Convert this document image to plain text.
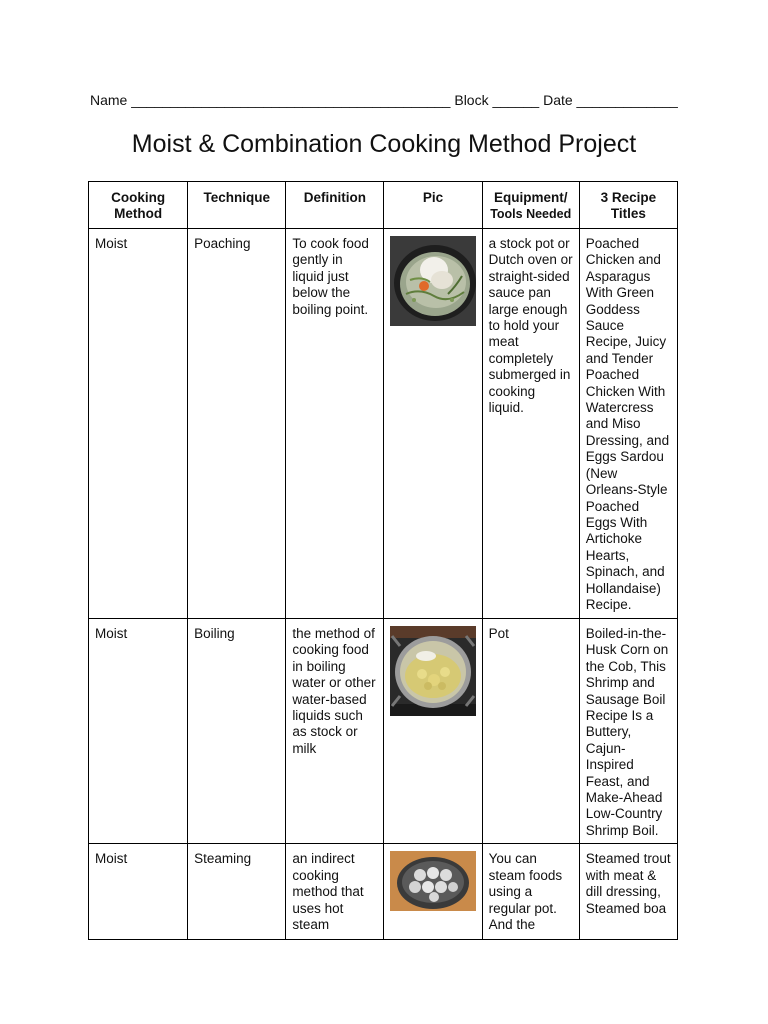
Name _________________________________________ Block ______ Date _____________
Moist & Combination Cooking Method Project
Cooking Method	Technique	Definition	Pic	Equipment/
Tools Needed	3 Recipe Titles
Moist	Poaching	To cook food gently in liquid just below the boiling point.		a stock pot or Dutch oven or straight-sided sauce pan large enough to hold your meat completely submerged in cooking liquid.	Poached Chicken and Asparagus With Green Goddess Sauce Recipe, Juicy and Tender Poached Chicken With Watercress and Miso Dressing, and Eggs Sardou (New Orleans-Style Poached Eggs With Artichoke Hearts, Spinach, and Hollandaise) Recipe.
Moist	Boiling	the method of cooking food in boiling water or other water-based liquids such as stock or milk		Pot	Boiled-in-the-Husk Corn on the Cob, This Shrimp and Sausage Boil Recipe Is a Buttery, Cajun-Inspired Feast, and Make-Ahead Low-Country Shrimp Boil.
Moist	Steaming	an indirect cooking method that uses hot steam		You can steam foods using a regular pot. And the	Steamed trout with meat & dill dressing, Steamed boa
